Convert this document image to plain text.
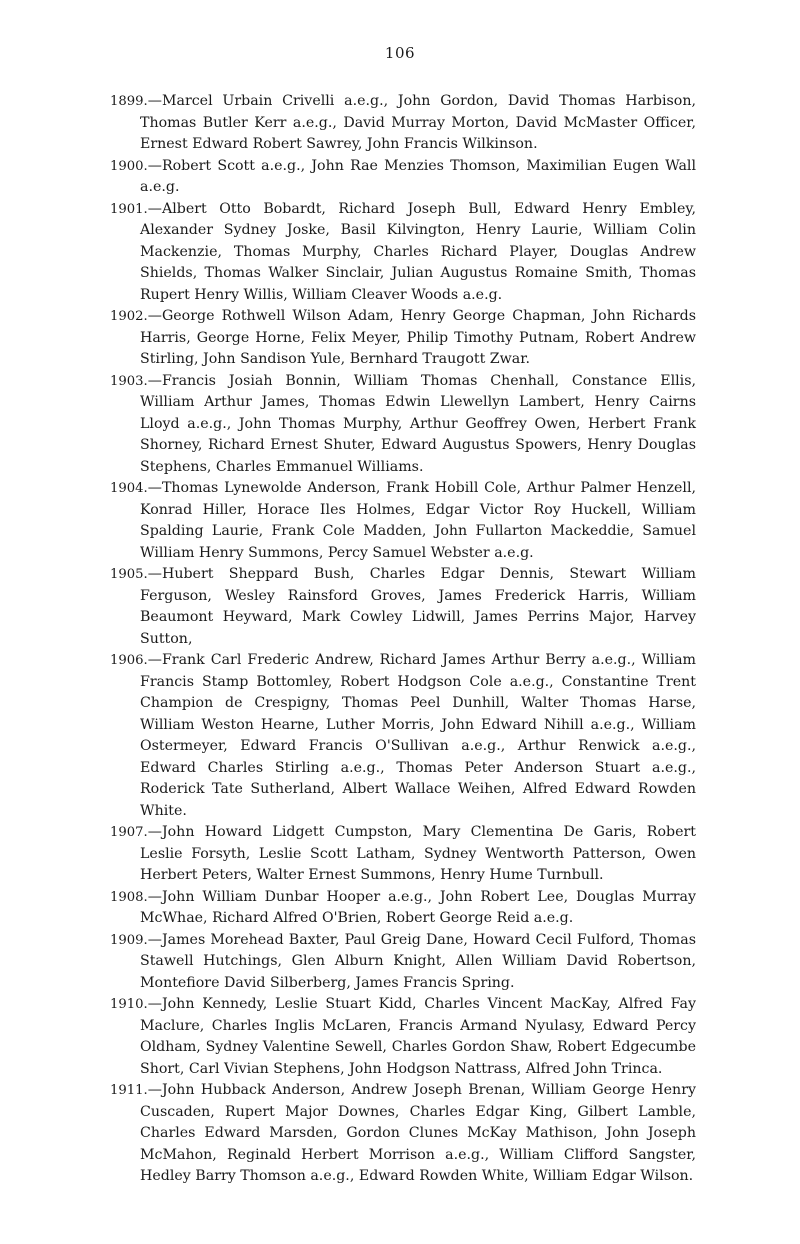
106

1899.—Marcel Urbain Crivelli a.e.g., John Gordon, David Thomas Harbison, Thomas Butler Kerr a.e.g., David Murray Morton, David McMaster Officer, Ernest Edward Robert Sawrey, John Francis Wilkinson.

1900.—Robert Scott a.e.g., John Rae Menzies Thomson, Maximilian Eugen Wall a.e.g.

1901.—Albert Otto Bobardt, Richard Joseph Bull, Edward Henry Embley, Alexander Sydney Joske, Basil Kilvington, Henry Laurie, William Colin Mackenzie, Thomas Murphy, Charles Richard Player, Douglas Andrew Shields, Thomas Walker Sinclair, Julian Augustus Romaine Smith, Thomas Rupert Henry Willis, William Cleaver Woods a.e.g.

1902.—George Rothwell Wilson Adam, Henry George Chapman, John Richards Harris, George Horne, Felix Meyer, Philip Timothy Putnam, Robert Andrew Stirling, John Sandison Yule, Bernhard Traugott Zwar.

1903.—Francis Josiah Bonnin, William Thomas Chenhall, Constance Ellis, William Arthur James, Thomas Edwin Llewellyn Lambert, Henry Cairns Lloyd a.e.g., John Thomas Murphy, Arthur Geoffrey Owen, Herbert Frank Shorney, Richard Ernest Shuter, Edward Augustus Spowers, Henry Douglas Stephens, Charles Emmanuel Williams.

1904.—Thomas Lynewolde Anderson, Frank Hobill Cole, Arthur Palmer Henzell, Konrad Hiller, Horace Iles Holmes, Edgar Victor Roy Huckell, William Spalding Laurie, Frank Cole Madden, John Fullarton Mackeddie, Samuel William Henry Summons, Percy Samuel Webster a.e.g.

1905.—Hubert Sheppard Bush, Charles Edgar Dennis, Stewart William Ferguson, Wesley Rainsford Groves, James Frederick Harris, William Beaumont Heyward, Mark Cowley Lidwill, James Perrins Major, Harvey Sutton,

1906.—Frank Carl Frederic Andrew, Richard James Arthur Berry a.e.g., William Francis Stamp Bottomley, Robert Hodgson Cole a.e.g., Constantine Trent Champion de Crespigny, Thomas Peel Dunhill, Walter Thomas Harse, William Weston Hearne, Luther Morris, John Edward Nihill a.e.g., William Ostermeyer, Edward Francis O'Sullivan a.e.g., Arthur Renwick a.e.g., Edward Charles Stirling a.e.g., Thomas Peter Anderson Stuart a.e.g., Roderick Tate Sutherland, Albert Wallace Weihen, Alfred Edward Rowden White.

1907.—John Howard Lidgett Cumpston, Mary Clementina De Garis, Robert Leslie Forsyth, Leslie Scott Latham, Sydney Wentworth Patterson, Owen Herbert Peters, Walter Ernest Summons, Henry Hume Turnbull.

1908.—John William Dunbar Hooper a.e.g., John Robert Lee, Douglas Murray McWhae, Richard Alfred O'Brien, Robert George Reid a.e.g.

1909.—James Morehead Baxter, Paul Greig Dane, Howard Cecil Fulford, Thomas Stawell Hutchings, Glen Alburn Knight, Allen William David Robertson, Montefiore David Silberberg, James Francis Spring.

1910.—John Kennedy, Leslie Stuart Kidd, Charles Vincent MacKay, Alfred Fay Maclure, Charles Inglis McLaren, Francis Armand Nyulasy, Edward Percy Oldham, Sydney Valentine Sewell, Charles Gordon Shaw, Robert Edgecumbe Short, Carl Vivian Stephens, John Hodgson Nattrass, Alfred John Trinca.

1911.—John Hubback Anderson, Andrew Joseph Brenan, William George Henry Cuscaden, Rupert Major Downes, Charles Edgar King, Gilbert Lamble, Charles Edward Marsden, Gordon Clunes McKay Mathison, John Joseph McMahon, Reginald Herbert Morrison a.e.g., William Clifford Sangster, Hedley Barry Thomson a.e.g., Edward Rowden White, William Edgar Wilson.
